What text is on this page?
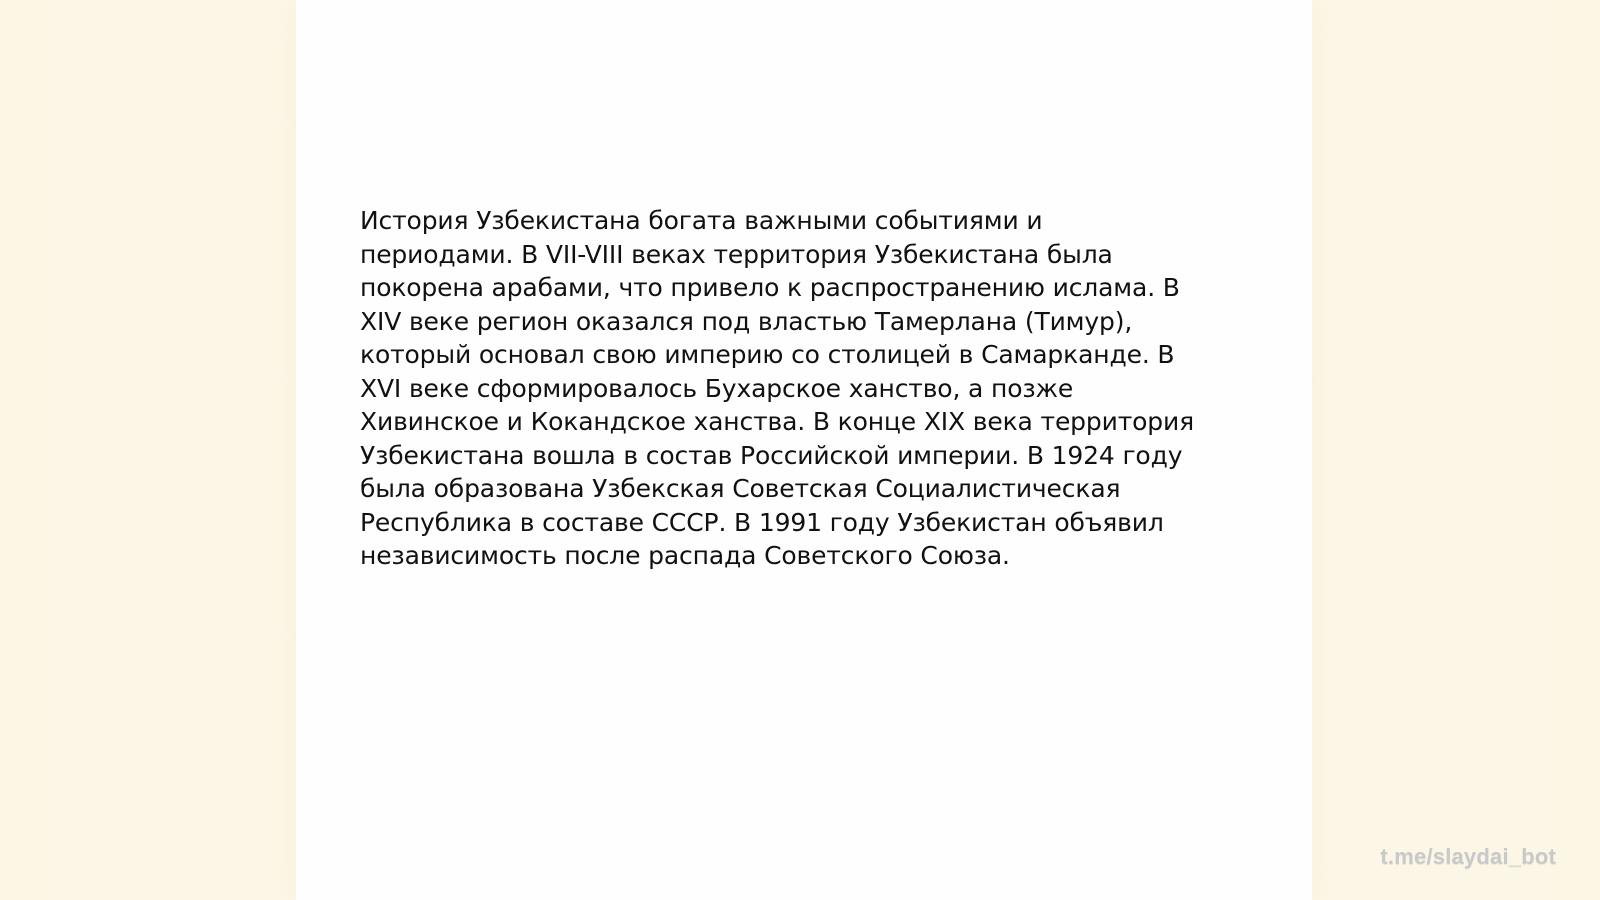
История Узбекистана богата важными событиями и
периодами. В VII-VIII веках территория Узбекистана была
покорена арабами, что привело к распространению ислама. В
XIV веке регион оказался под властью Тамерлана (Тимур),
который основал свою империю со столицей в Самарканде. В
XVI веке сформировалось Бухарское ханство, а позже
Хивинское и Кокандское ханства. В конце XIX века территория
Узбекистана вошла в состав Российской империи. В 1924 году
была образована Узбекская Советская Социалистическая
Республика в составе СССР. В 1991 году Узбекистан объявил
независимость после распада Советского Союза.

t.me/slaydai_bot
